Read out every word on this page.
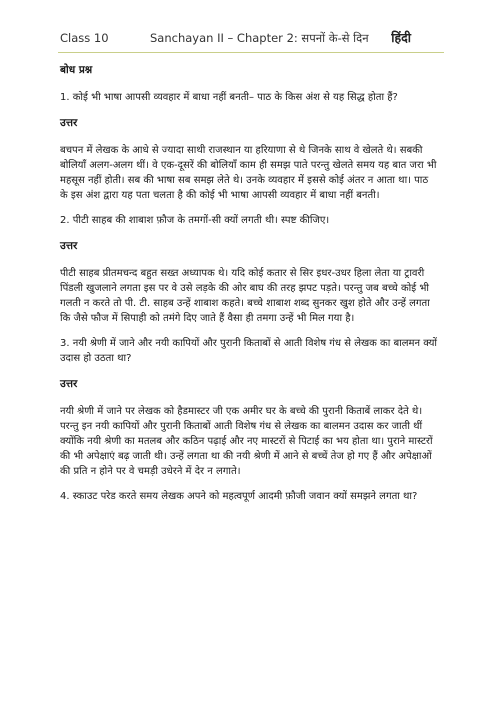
Class 10	Sanchayan II – Chapter 2: सपनों के-से दिन हिंदी

बोध प्रश्न

1. कोई भी भाषा आपसी व्यवहार में बाधा नहीं बनती– पाठ के किस अंश से यह सिद्ध होता हैं?

उत्तर

बचपन में लेखक के आधे से ज्यादा साथी राजस्थान या हरियाणा से थे जिनके साथ वे खेलते थे। सबकी बोलियाँ अलग-अलग थीं। वे एक-दूसरें की बोलियाँ काम ही समझ पाते परन्तु खेलते समय यह बात जरा भी महसूस नहीं होती। सब की भाषा सब समझ लेते थे। उनके व्यवहार में इससे कोई अंतर न आता था। पाठ के इस अंश द्वारा यह पता चलता है की कोई भी भाषा आपसी व्यवहार में बाधा नहीं बनती।

2. पीटी साहब की शाबाश फ़ौज के तमगों-सी क्यों लगती थी। स्पष्ट कीजिए।

उत्तर

पीटी साहब प्रीतमचन्द बहुत सख्त अध्यापक थे। यदि कोई कतार से सिर इधर-उधर हिला लेता या ट्रावरी पिंडली खुजलाने लगता इस पर वे उसे लड़के की ओर बाघ की तरह झपट पड़ते। परन्तु जब बच्चे कोई भी गलती न करते तो पी. टी. साहब उन्हें शाबाश कहते। बच्चे शाबाश शब्द सुनकर खुश होते और उन्हें लगता कि जैसे फौज में सिपाही को तमंगे दिए जाते हैं वैसा ही तमगा उन्हें भी मिल गया है।

3. नयी श्रेणी में जाने और नयी कापियों और पुरानी किताबों से आती विशेष गंध से लेखक का बालमन क्यों उदास हो उठता था?

उत्तर

नयी श्रेणी में जाने पर लेखक को हैडमास्टर जी एक अमीर घर के बच्चे की पुरानी किताबें लाकर देते थे। परन्तु इन नयी कापियों और पुरानी किताबों आती विशेष गंध से लेखक का बालमन उदास कर जाती थीं क्योंकि नयी श्रेणी का मतलब और कठिन पढ़ाई और नए मास्टरों से पिटाई का भय होता था। पुराने मास्टरों की भी अपेक्षाएं बढ़ जाती थी। उन्हें लगता था की नयी श्रेणी में आने से बच्चें तेज हो गए हैं और अपेक्षाओं की प्रति न होने पर वे चमड़ी उधेरने में देर न लगाते।

4. स्काउट परेड करते समय लेखक अपने को महत्वपूर्ण आदमी फ़ौजी जवान क्यों समझने लगता था?
